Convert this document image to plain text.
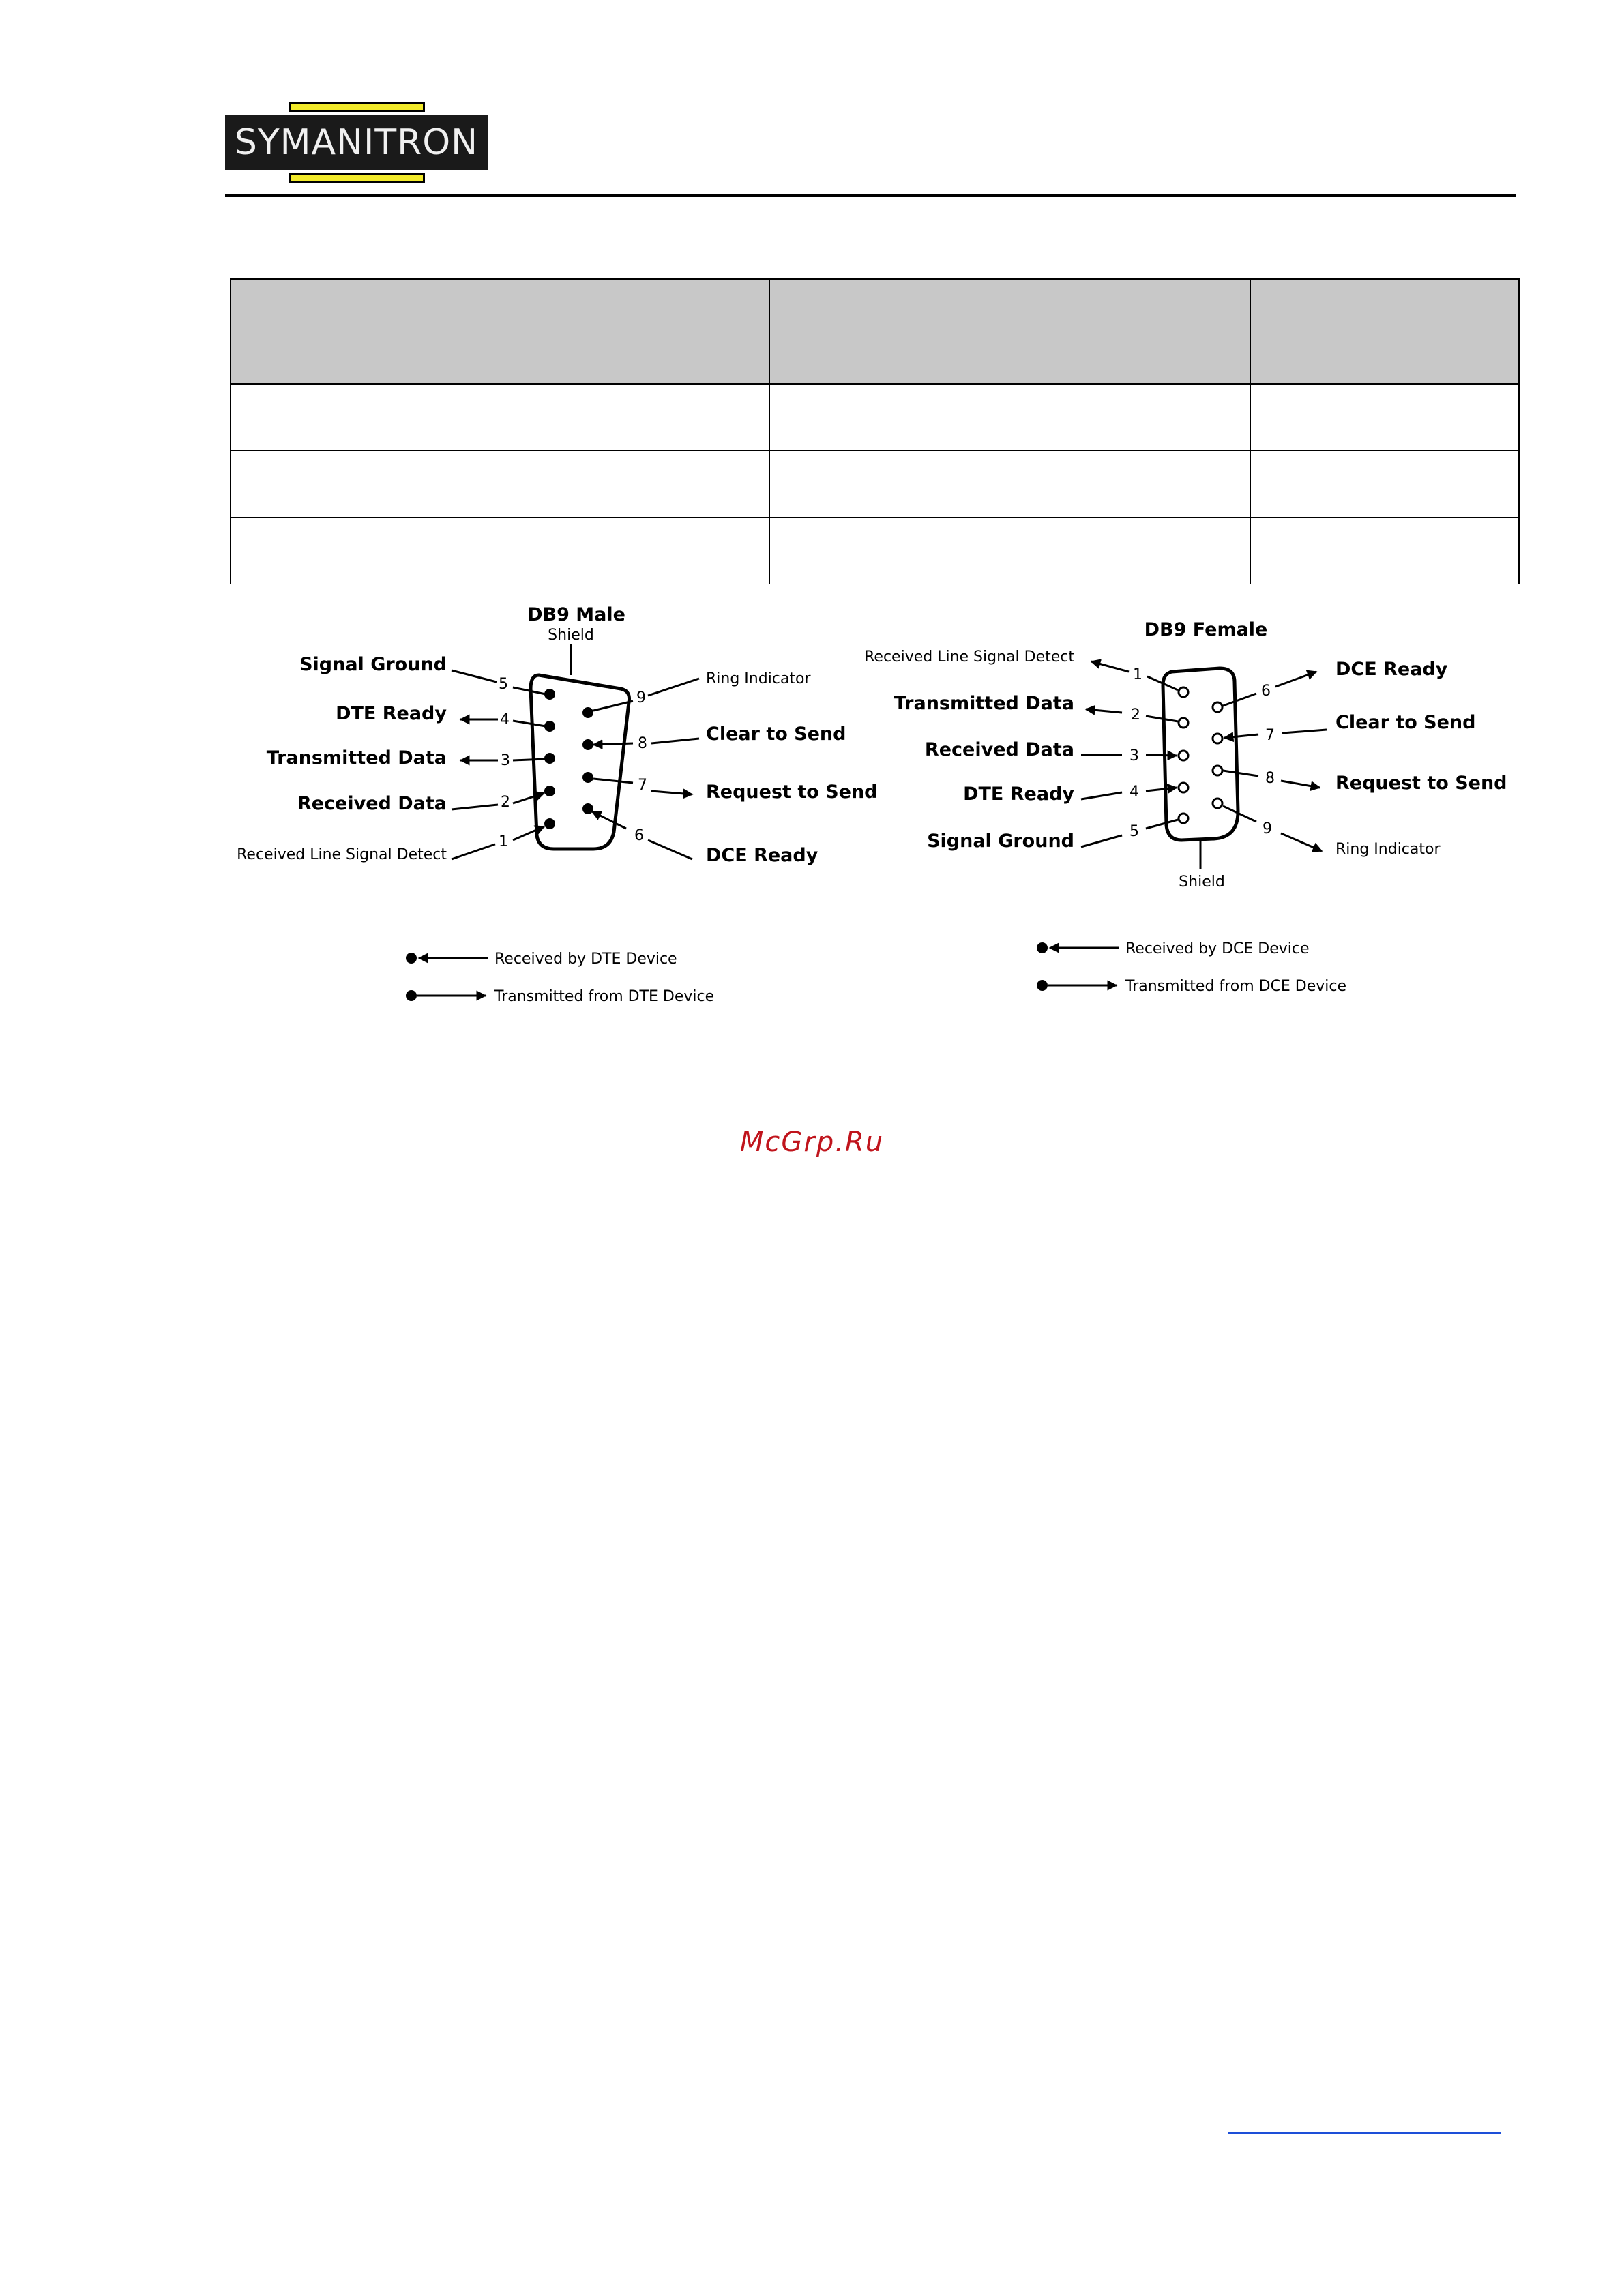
SYMANITRON

DB9 Male
Shield
5
4
3
2
1
9
8
7
6
Signal Ground
DTE Ready
Transmitted Data
Received Data
Received Line Signal Detect
Ring Indicator
Clear to Send
Request to Send
DCE Ready
Received by DTE Device
Transmitted from DTE Device
DB9 Female
Shield
1
2
3
4
5
6
7
8
9
Received Line Signal Detect
Transmitted Data
Received Data
DTE Ready
Signal Ground
DCE Ready
Clear to Send
Request to Send
Ring Indicator
Received by DCE Device
Transmitted from DCE Device
McGrp.Ru
